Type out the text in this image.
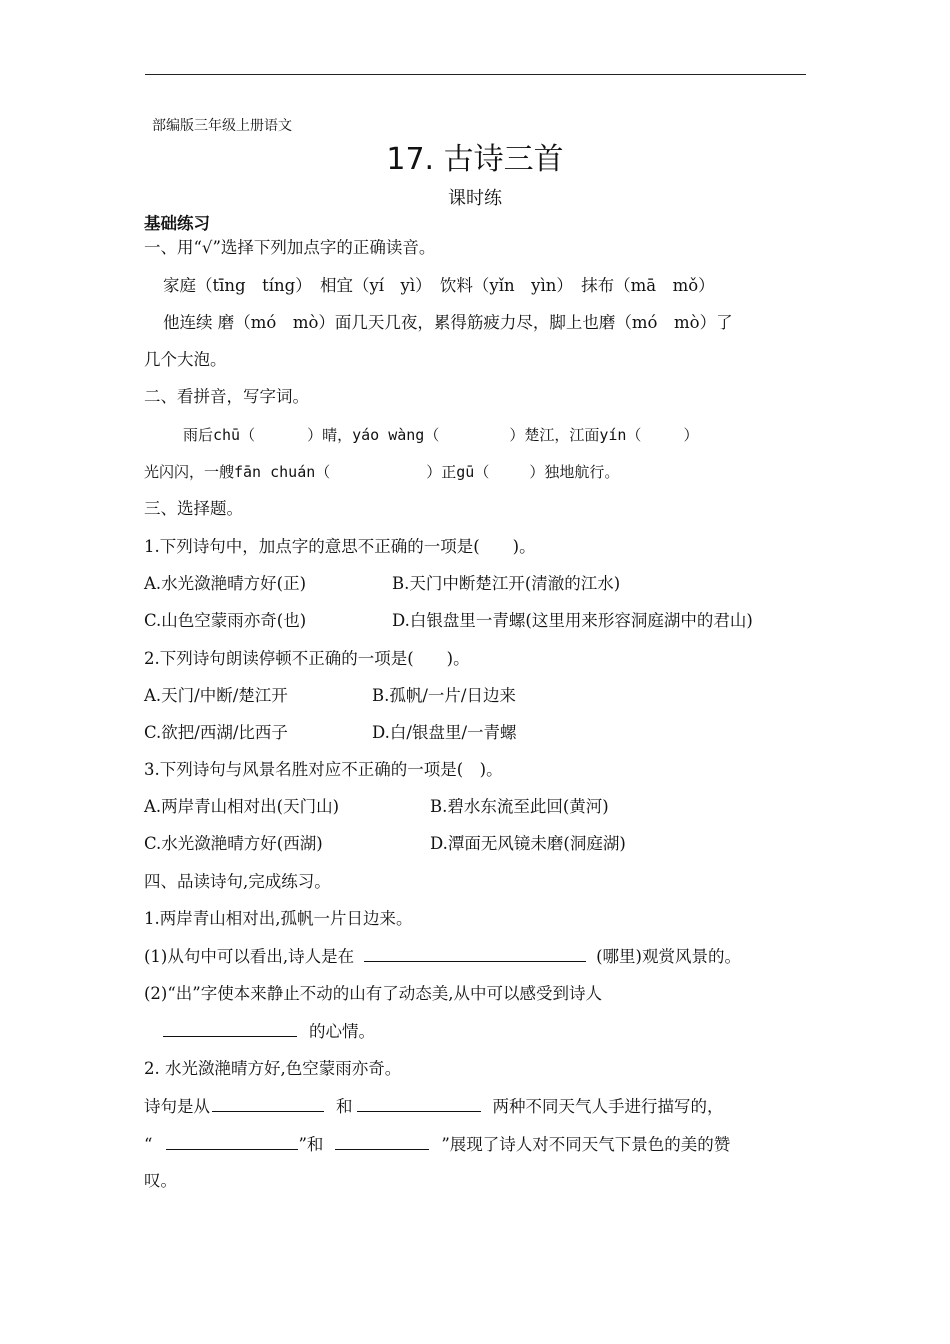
部编版三年级上册语文
17. 古诗三首
课时练
基础练习
一、用“√”选择下列加点字的正确读音。
家庭（tīng　tíng）　相宜（yí　yì）　饮料（yǐn　yìn）　抹布（mā　mǒ）
他连续 磨（mó　mò）面几天几夜，累得筋疲力尽，脚上也磨（mó　mò）了
几个大泡。
二、看拼音，写字词。
雨后chū（	）晴，yáo wàng（	）楚江，江面yín（	）
光闪闪，一艘fān chuán（	）正gū（	）独地航行。
三、选择题。
1.下列诗句中，加点字的意思不正确的一项是(　　)。
A.水光潋滟晴方好(正)	B.天门中断楚江开(清澈的江水)
C.山色空蒙雨亦奇(也)	D.白银盘里一青螺(这里用来形容洞庭湖中的君山)
2.下列诗句朗读停顿不正确的一项是(　　)。
A.天门/中断/楚江开	B.孤帆/一片/日边来
C.欲把/西湖/比西子	D.白/银盘里/一青螺
3.下列诗句与风景名胜对应不正确的一项是(　)。
A.两岸青山相对出(天门山)	B.碧水东流至此回(黄河)
C.水光潋滟晴方好(西湖)	D.潭面无风镜未磨(洞庭湖)
四、品读诗句,完成练习。
1.两岸青山相对出,孤帆一片日边来。
(1)从句中可以看出,诗人是在	(哪里)观赏风景的。
(2)“出”字使本来静止不动的山有了动态美,从中可以感受到诗人
的心情。
2. 水光潋滟晴方好,色空蒙雨亦奇。
诗句是从	和	两种不同天气人手进行描写的，
“	”和	”展现了诗人对不同天气下景色的美的赞
叹。
